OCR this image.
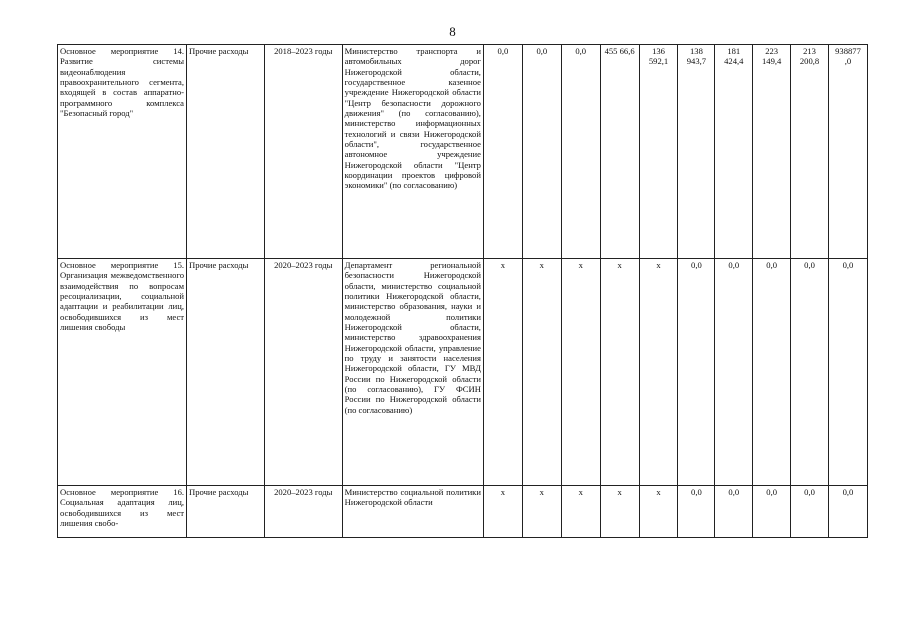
8
Основное мероприятие 14. Развитие системы видеонаблюдения правоохранительного сегмента, входящей в состав аппаратно-программного комплекса "Безопасный город"	Прочие расходы	2018–2023 годы	Министерство транспорта и автомобильных дорог Нижегородской области, государственное казенное учреждение Нижегородской области "Центр безопасности дорожного движения" (по согласованию), министерство информационных технологий и связи Нижегородской области", государственное автономное учреждение Нижегородской области "Центр координации проектов цифровой экономики" (по согласованию)	0,0	0,0	0,0	455 66,6	136 592,1	138 943,7	181 424,4	223 149,4	213 200,8	938877 ,0

Основное мероприятие 15. Организация межведомственного взаимодействия по вопросам ресоциализации, социальной адаптации и реабилитации лиц, освободившихся из мест лишения свободы	Прочие расходы	2020–2023 годы	Департамент региональной безопасности Нижегородской области, министерство социальной политики Нижегородской области, министерство образования, науки и молодежной политики Нижегородской области, министерство здравоохранения Нижегородской области, управление по труду и занятости населения Нижегородской области, ГУ МВД России по Нижегородской области (по согласованию), ГУ ФСИН России по Нижегородской области (по согласованию)	х	х	х	х	х	0,0	0,0	0,0	0,0	0,0

Основное мероприятие 16. Социальная адаптация лиц, освободившихся из мест лишения свобо-	Прочие расходы	2020–2023 годы	Министерство социальной политики Нижегородской области	х	х	х	х	х	0,0	0,0	0,0	0,0	0,0
